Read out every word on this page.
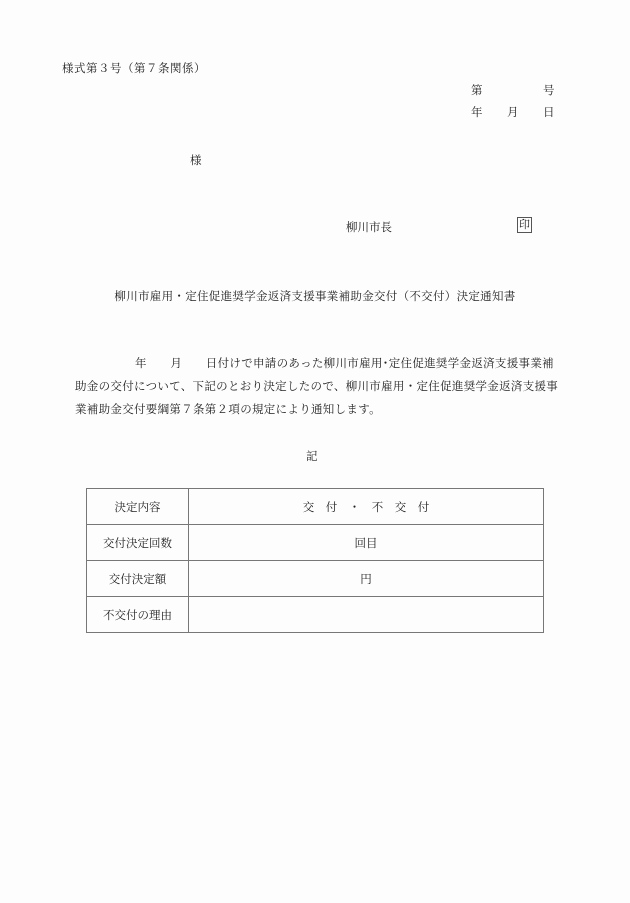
様式第３号（第７条関係）
第	号
年 月 日
様
柳川市長	印
柳川市雇用・定住促進奨学金返済支援事業補助金交付（不交付）決定通知書
年　　月　　日付けで申請のあった柳川市雇用･定住促進奨学金返済支援事業補
助金の交付について、下記のとおり決定したので、柳川市雇用・定住促進奨学金返済支援事
業補助金交付要綱第７条第２項の規定により通知します。
記
決定内容	交　付　・　不　交　付
交付決定回数	回目
交付決定額	円
不交付の理由	
